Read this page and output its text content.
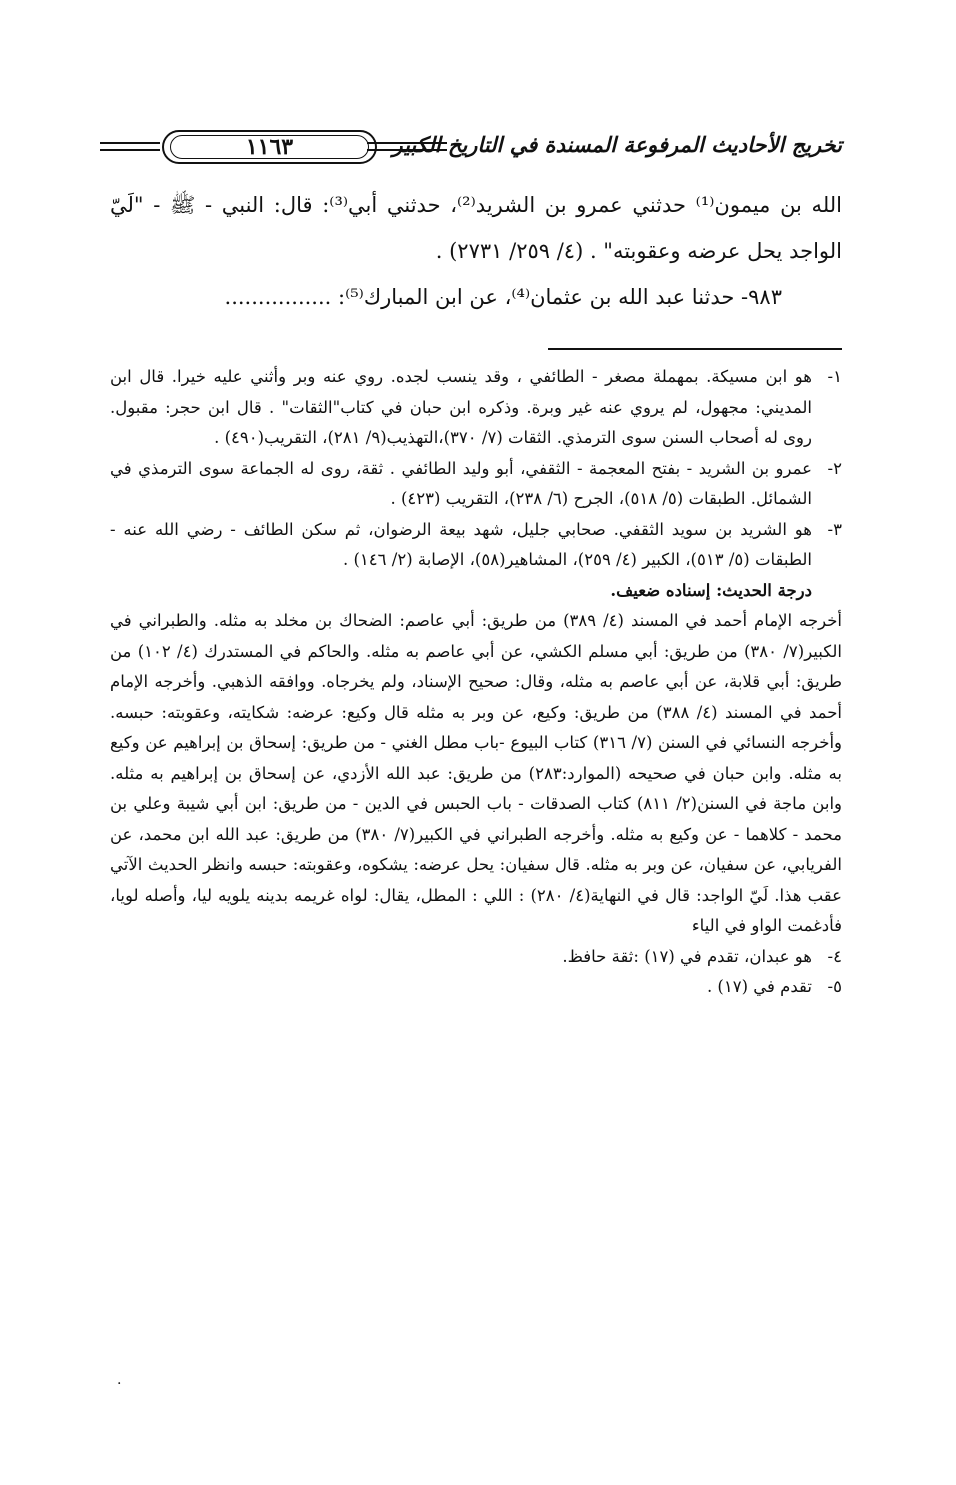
تخريج الأحاديث المرفوعة المسندة في التاريخ الكبير
١١٦٣

الله بن ميمون⁽¹⁾ حدثني عمرو بن الشريد⁽²⁾، حدثني أبي⁽³⁾: قال: النبي - ﷺ - "لَيّ الواجد يحل عرضه وعقوبته" . (٤/ ٢٥٩/ ٢٧٣١) .

٩٨٣- حدثنا عبد الله بن عثمان⁽⁴⁾، عن ابن المبارك⁽⁵⁾: ................

١-
هو ابن مسيكة. بمهملة مصغر - الطائفي ، وقد ينسب لجده. روي عنه وبر وأثني عليه خيرا. قال ابن المديني: مجهول، لم يروي عنه غير وبرة. وذكره ابن حبان في كتاب"الثقات" . قال ابن حجر: مقبول. روى له أصحاب السنن سوى الترمذي. الثقات (٧/ ٣٧٠)،التهذيب(٩/ ٢٨١)، التقريب(٤٩٠) .
٢-
عمرو بن الشريد - بفتح المعجمة - الثقفي، أبو وليد الطائفي . ثقة، روى له الجماعة سوى الترمذي في الشمائل. الطبقات (٥/ ٥١٨)، الجرح (٦/ ٢٣٨)، التقريب (٤٢٣) .
٣-
هو الشريد بن سويد الثقفي. صحابي جليل، شهد بيعة الرضوان، ثم سكن الطائف - رضي الله عنه - الطبقات (٥/ ٥١٣)، الكبير (٤/ ٢٥٩)، المشاهير(٥٨)، الإصابة (٢/ ١٤٦) .

درجة الحديث: إسناده ضعيف.

أخرجه الإمام أحمد في المسند (٤/ ٣٨٩) من طريق: أبي عاصم: الضحاك بن مخلد به مثله. والطبراني في الكبير(٧/ ٣٨٠) من طريق: أبي مسلم الكشي، عن أبي عاصم به مثله. والحاكم في المستدرك (٤/ ١٠٢) من طريق: أبي قلابة، عن أبي عاصم به مثله، وقال: صحيح الإسناد، ولم يخرجاه. ووافقه الذهبي. وأخرجه الإمام أحمد في المسند (٤/ ٣٨٨) من طريق: وكيع، عن وبر به مثله قال وكيع: عرضه: شكايته، وعقوبته: حبسه. وأخرجه النسائي في السنن (٧/ ٣١٦) كتاب البيوع -باب مطل الغني - من طريق: إسحاق بن إبراهيم عن وكيع به مثله. وابن حبان في صحيحه (الموارد:٢٨٣) من طريق: عبد الله الأزدي، عن إسحاق بن إبراهيم به مثله. وابن ماجة في السنن(٢/ ٨١١) كتاب الصدقات - باب الحبس في الدين - من طريق: ابن أبي شيبة وعلي بن محمد - كلاهما - عن وكيع به مثله. وأخرجه الطبراني في الكبير(٧/ ٣٨٠) من طريق: عبد الله ابن محمد، عن الفريابي، عن سفيان، عن وبر به مثله. قال سفيان: يحل عرضه: يشكوه، وعقوبته: حبسه وانظر الحديث الآتي عقب هذا. لَيّ الواجد: قال في النهاية(٤/ ٢٨٠) : اللي : المطل، يقال: لواه غريمه بدينه يلويه ليا، وأصله لويا، فأدغمت الواو في الياء

٤-
هو عبدان، تقدم في (١٧) :ثقة حافظ.
٥-
تقدم في (١٧) .
.
